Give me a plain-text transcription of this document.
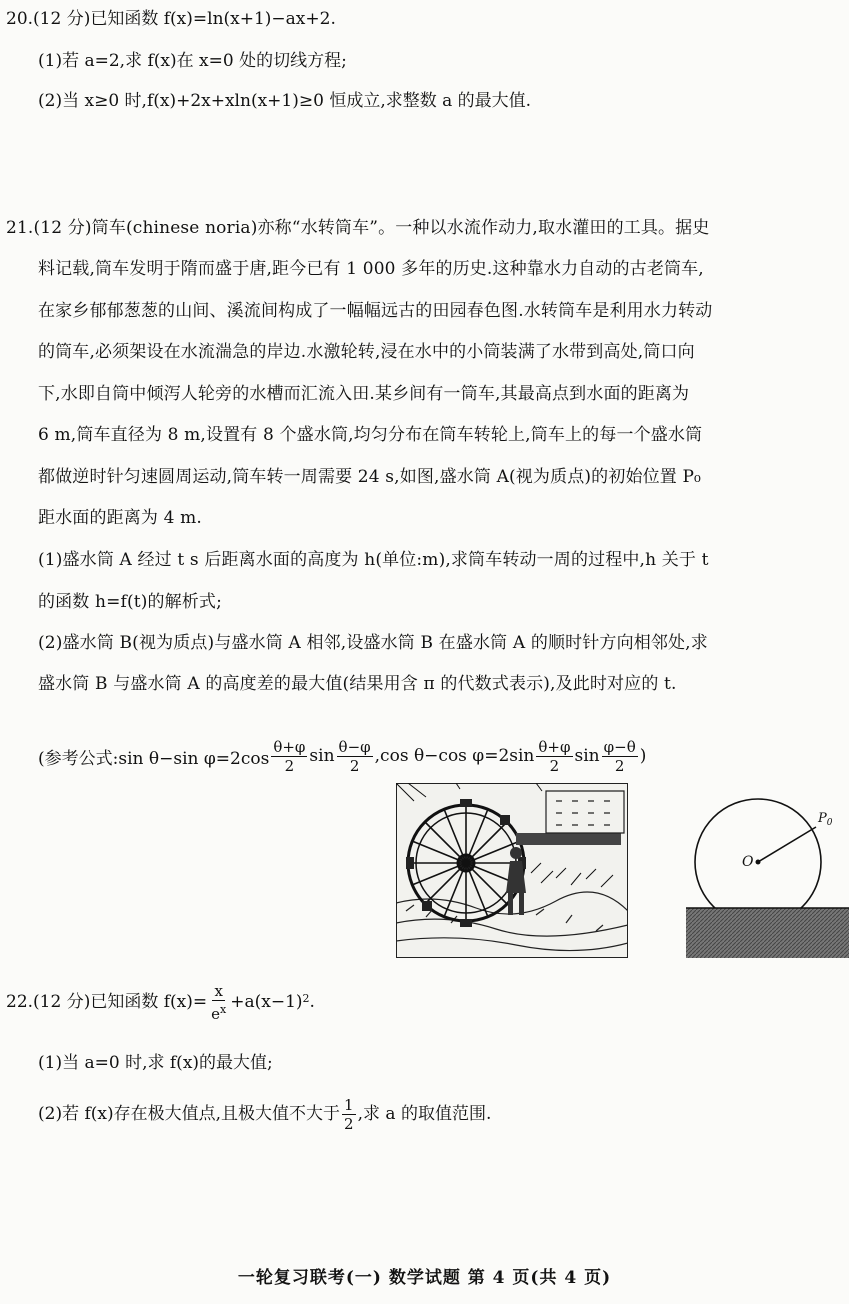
20.(12 分)已知函数 f(x)=ln(x+1)−ax+2.
(1)若 a=2,求 f(x)在 x=0 处的切线方程;
(2)当 x≥0 时,f(x)+2x+xln(x+1)≥0 恒成立,求整数 a 的最大值.
21.(12 分)筒车(chinese noria)亦称“水转筒车”。一种以水流作动力,取水灌田的工具。据史
料记载,筒车发明于隋而盛于唐,距今已有 1 000 多年的历史.这种靠水力自动的古老筒车,
在家乡郁郁葱葱的山间、溪流间构成了一幅幅远古的田园春色图.水转筒车是利用水力转动
的筒车,必须架设在水流湍急的岸边.水激轮转,浸在水中的小筒装满了水带到高处,筒口向
下,水即自筒中倾泻人轮旁的水槽而汇流入田.某乡间有一筒车,其最高点到水面的距离为
6 m,筒车直径为 8 m,设置有 8 个盛水筒,均匀分布在筒车转轮上,筒车上的每一个盛水筒
都做逆时针匀速圆周运动,筒车转一周需要 24 s,如图,盛水筒 A(视为质点)的初始位置 P₀
距水面的距离为 4 m.
(1)盛水筒 A 经过 t s 后距离水面的高度为 h(单位:m),求筒车转动一周的过程中,h 关于 t
的函数 h=f(t)的解析式;
(2)盛水筒 B(视为质点)与盛水筒 A 相邻,设盛水筒 B 在盛水筒 A 的顺时针方向相邻处,求
盛水筒 B 与盛水筒 A 的高度差的最大值(结果用含 π 的代数式表示),及此时对应的 t.
(参考公式:sin θ−sin $\varphi=2\cos \frac{\theta+\varphi}{2}$ $\sin \frac{\theta-\varphi}{2} ,\cos$ θ−cos $\varphi=2\sin \frac{\theta+\varphi}{2}$ $\sin \frac{\varphi-\theta}{2}$ )
O
$P_0$
22.(12 分)已知函数 $f(x)= \frac{x}{e^x} +a(x-1)$ 2 .
(1)当 a=0 时,求 f(x)的最大值;
(2)若 f(x)存在极大值点,且极大值不大于 $\frac{1}{2}$ ,求 a 的取值范围.
一轮复习联考(一) 数学试题 第 4 页(共 4 页)
